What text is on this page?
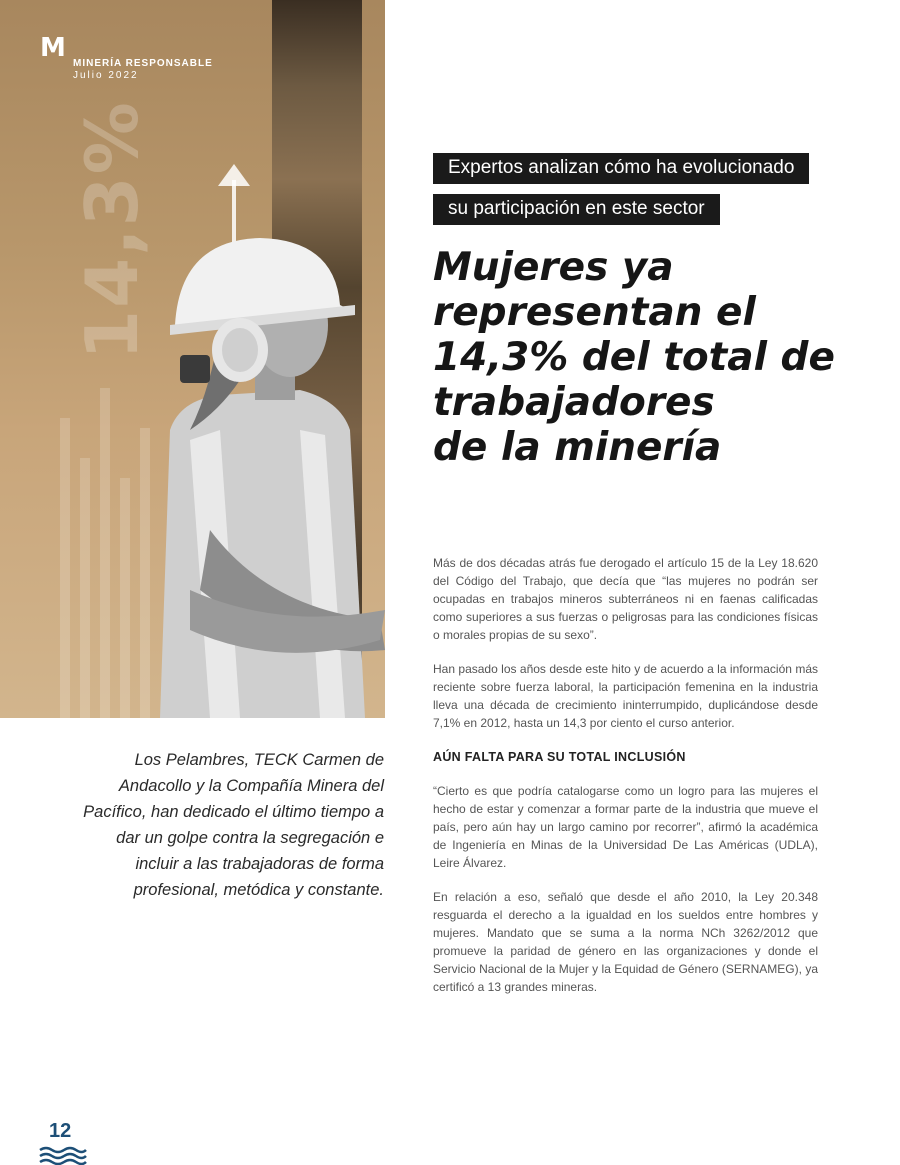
14,3%
M
MINERÍA RESPONSABLE
Julio 2022
Expertos analizan cómo ha evolucionado
su participación en este sector
Mujeres ya
representan el
14,3% del total de
trabajadores
de la minería

Los Pelambres, TECK Carmen de Andacollo y la Compañía Minera del Pacífico, han dedicado el último tiempo a dar un golpe contra la segregación e incluir a las trabajadoras de forma profesional, metódica y constante.

Más de dos décadas atrás fue derogado el artículo 15 de la Ley 18.620 del Código del Trabajo, que decía que “las mujeres no podrán ser ocupadas en trabajos mineros subterráneos ni en faenas calificadas como superiores a sus fuerzas o peligrosas para las condiciones físicas o morales propias de su sexo”.

Han pasado los años desde este hito y de acuerdo a la información más reciente sobre fuerza laboral, la participación femenina en la industria lleva una década de crecimiento ininterrumpido, duplicándose desde 7,1% en 2012, hasta un 14,3 por ciento el curso anterior.

AÚN FALTA PARA SU TOTAL INCLUSIÓN

“Cierto es que podría catalogarse como un logro para las mujeres el hecho de estar y comenzar a formar parte de la industria que mueve el país, pero aún hay un largo camino por recorrer”, afirmó la académica de Ingeniería en Minas de la Universidad De Las Américas (UDLA), Leire Álvarez.

En relación a eso, señaló que desde el año 2010, la Ley 20.348 resguarda el derecho a la igualdad en los sueldos entre hombres y mujeres. Mandato que se suma a la norma NCh 3262/2012 que promueve la paridad de género en las organizaciones y donde el Servicio Nacional de la Mujer y la Equidad de Género (SERNAMEG), ya certificó a 13 grandes mineras.

12
